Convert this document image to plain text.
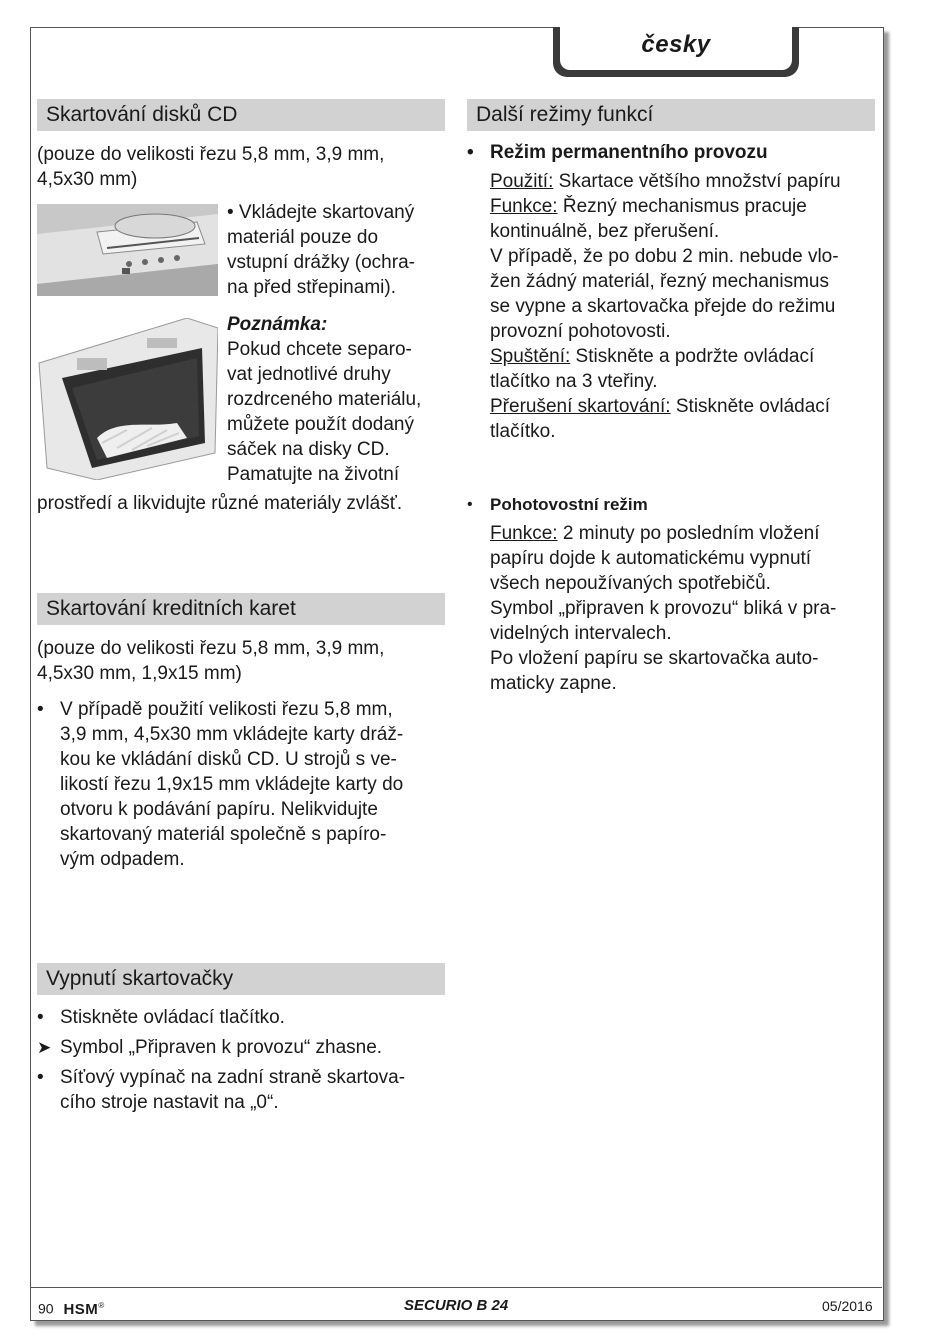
česky
Skartování disků CD

(pouze do velikosti řezu 5,8 mm, 3,9 mm,

4,5x30 mm)

• Vkládejte skartovaný

materiál pouze do

vstupní drážky (ochra-

na před střepinami).

Poznámka:

Pokud chcete separo-

vat jednotlivé druhy

rozdrceného materiálu,

můžete použít dodaný

sáček na disky CD.

Pamatujte na životní

prostředí a likvidujte různé materiály zvlášť.

Skartování kreditních karet

(pouze do velikosti řezu 5,8 mm, 3,9 mm,

4,5x30 mm, 1,9x15 mm)

• V případě použití velikosti řezu 5,8 mm,

3,9 mm, 4,5x30 mm vkládejte karty dráž-

kou ke vkládání disků CD. U strojů s ve-

likostí řezu 1,9x15 mm vkládejte karty do

otvoru k podávání papíru. Nelikvidujte

skartovaný materiál společně s papíro-

vým odpadem.

Vypnutí skartovačky
• Stiskněte ovládací tlačítko.

➤ Symbol „Připraven k provozu“ zhasne.

• Síťový vypínač na zadní straně skartova-

cího stroje nastavit na „0“.

Další režimy funkcí
• Režim permanentního provozu

Použití: Skartace většího množství papíru

Funkce: Řezný mechanismus pracuje

kontinuálně, bez přerušení.

V případě, že po dobu 2 min. nebude vlo-

žen žádný materiál, řezný mechanismus

se vypne a skartovačka přejde do režimu

provozní pohotovosti.

Spuštění: Stiskněte a podržte ovládací

tlačítko na 3 vteřiny.

Přerušení skartování: Stiskněte ovládací

tlačítko.

• Pohotovostní režim

Funkce: 2 minuty po posledním vložení

papíru dojde k automatickému vypnutí

všech nepoužívaných spotřebičů.

Symbol „připraven k provozu“ bliká v pra-

videlných intervalech.

Po vložení papíru se skartovačka auto-

maticky zapne.

90 HSM®	SECURIO B 24	05/2016
